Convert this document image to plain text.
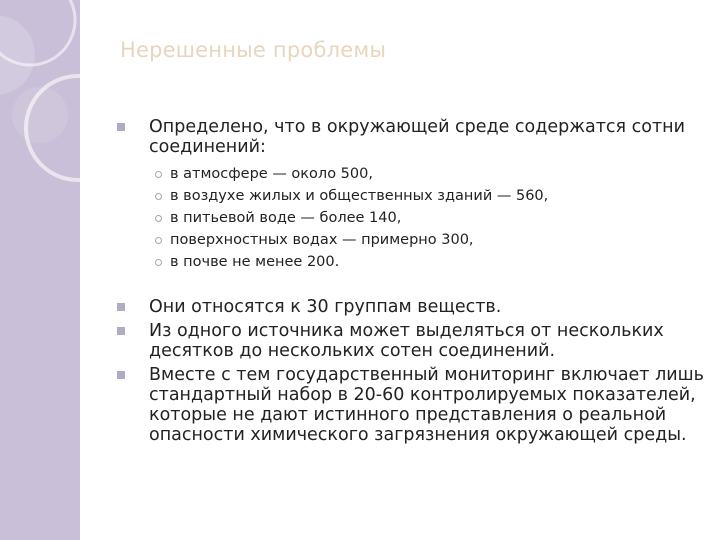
Нерешенные проблемы
Определено, что в окружающей среде содержатся сотни соединений:
в атмосфере — около 500,
в воздухе жилых и общественных зданий — 560,
в питьевой воде — более 140,
поверхностных водах — примерно 300,
в почве не менее 200.
Они относятся к 30 группам веществ.
Из одного источника может выделяться от нескольких десятков до нескольких сотен соединений.
Вместе с тем государственный мониторинг включает лишь стандартный набор в 20-60 контролируемых показателей, которые не дают истинного представления о реальной опасности химического загрязнения окружающей среды.
